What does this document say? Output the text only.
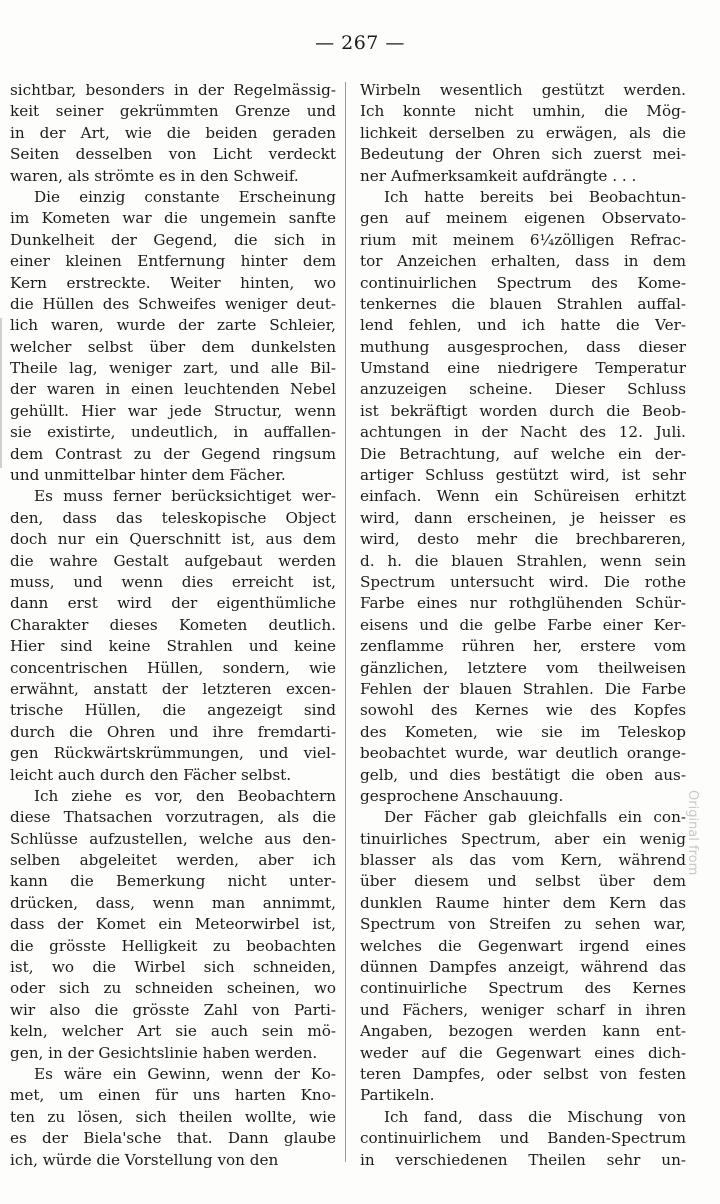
— 267 —
sichtbar, besonders in der Regelmässig-
keit seiner gekrümmten Grenze und
in der Art, wie die beiden geraden
Seiten desselben von Licht verdeckt
waren, als strömte es in den Schweif.
Die einzig constante Erscheinung
im Kometen war die ungemein sanfte
Dunkelheit der Gegend, die sich in
einer kleinen Entfernung hinter dem
Kern erstreckte. Weiter hinten, wo
die Hüllen des Schweifes weniger deut-
lich waren, wurde der zarte Schleier,
welcher selbst über dem dunkelsten
Theile lag, weniger zart, und alle Bil-
der waren in einen leuchtenden Nebel
gehüllt. Hier war jede Structur, wenn
sie existirte, undeutlich, in auffallen-
dem Contrast zu der Gegend ringsum
und unmittelbar hinter dem Fächer.
Es muss ferner berücksichtiget wer-
den, dass das teleskopische Object
doch nur ein Querschnitt ist, aus dem
die wahre Gestalt aufgebaut werden
muss, und wenn dies erreicht ist,
dann erst wird der eigenthümliche
Charakter dieses Kometen deutlich.
Hier sind keine Strahlen und keine
concentrischen Hüllen, sondern, wie
erwähnt, anstatt der letzteren excen-
trische Hüllen, die angezeigt sind
durch die Ohren und ihre fremdarti-
gen Rückwärtskrümmungen, und viel-
leicht auch durch den Fächer selbst.
Ich ziehe es vor, den Beobachtern
diese Thatsachen vorzutragen, als die
Schlüsse aufzustellen, welche aus den-
selben abgeleitet werden, aber ich
kann die Bemerkung nicht unter-
drücken, dass, wenn man annimmt,
dass der Komet ein Meteorwirbel ist,
die grösste Helligkeit zu beobachten
ist, wo die Wirbel sich schneiden,
oder sich zu schneiden scheinen, wo
wir also die grösste Zahl von Parti-
keln, welcher Art sie auch sein mö-
gen, in der Gesichtslinie haben werden.
Es wäre ein Gewinn, wenn der Ko-
met, um einen für uns harten Kno-
ten zu lösen, sich theilen wollte, wie
es der Biela'sche that. Dann glaube
ich, würde die Vorstellung von den
Wirbeln wesentlich gestützt werden.
Ich konnte nicht umhin, die Mög-
lichkeit derselben zu erwägen, als die
Bedeutung der Ohren sich zuerst mei-
ner Aufmerksamkeit aufdrängte . . .
Ich hatte bereits bei Beobachtun-
gen auf meinem eigenen Observato-
rium mit meinem 6¼zölligen Refrac-
tor Anzeichen erhalten, dass in dem
continuirlichen Spectrum des Kome-
tenkernes die blauen Strahlen auffal-
lend fehlen, und ich hatte die Ver-
muthung ausgesprochen, dass dieser
Umstand eine niedrigere Temperatur
anzuzeigen scheine. Dieser Schluss
ist bekräftigt worden durch die Beob-
achtungen in der Nacht des 12. Juli.
Die Betrachtung, auf welche ein der-
artiger Schluss gestützt wird, ist sehr
einfach. Wenn ein Schüreisen erhitzt
wird, dann erscheinen, je heisser es
wird, desto mehr die brechbareren,
d. h. die blauen Strahlen, wenn sein
Spectrum untersucht wird. Die rothe
Farbe eines nur rothglühenden Schür-
eisens und die gelbe Farbe einer Ker-
zenflamme rühren her, erstere vom
gänzlichen, letztere vom theilweisen
Fehlen der blauen Strahlen. Die Farbe
sowohl des Kernes wie des Kopfes
des Kometen, wie sie im Teleskop
beobachtet wurde, war deutlich orange-
gelb, und dies bestätigt die oben aus-
gesprochene Anschauung.
Der Fächer gab gleichfalls ein con-
tinuirliches Spectrum, aber ein wenig
blasser als das vom Kern, während
über diesem und selbst über dem
dunklen Raume hinter dem Kern das
Spectrum von Streifen zu sehen war,
welches die Gegenwart irgend eines
dünnen Dampfes anzeigt, während das
continuirliche Spectrum des Kernes
und Fächers, weniger scharf in ihren
Angaben, bezogen werden kann ent-
weder auf die Gegenwart eines dich-
teren Dampfes, oder selbst von festen
Partikeln.
Ich fand, dass die Mischung von
continuirlichem und Banden-Spectrum
in verschiedenen Theilen sehr un-
Original from
